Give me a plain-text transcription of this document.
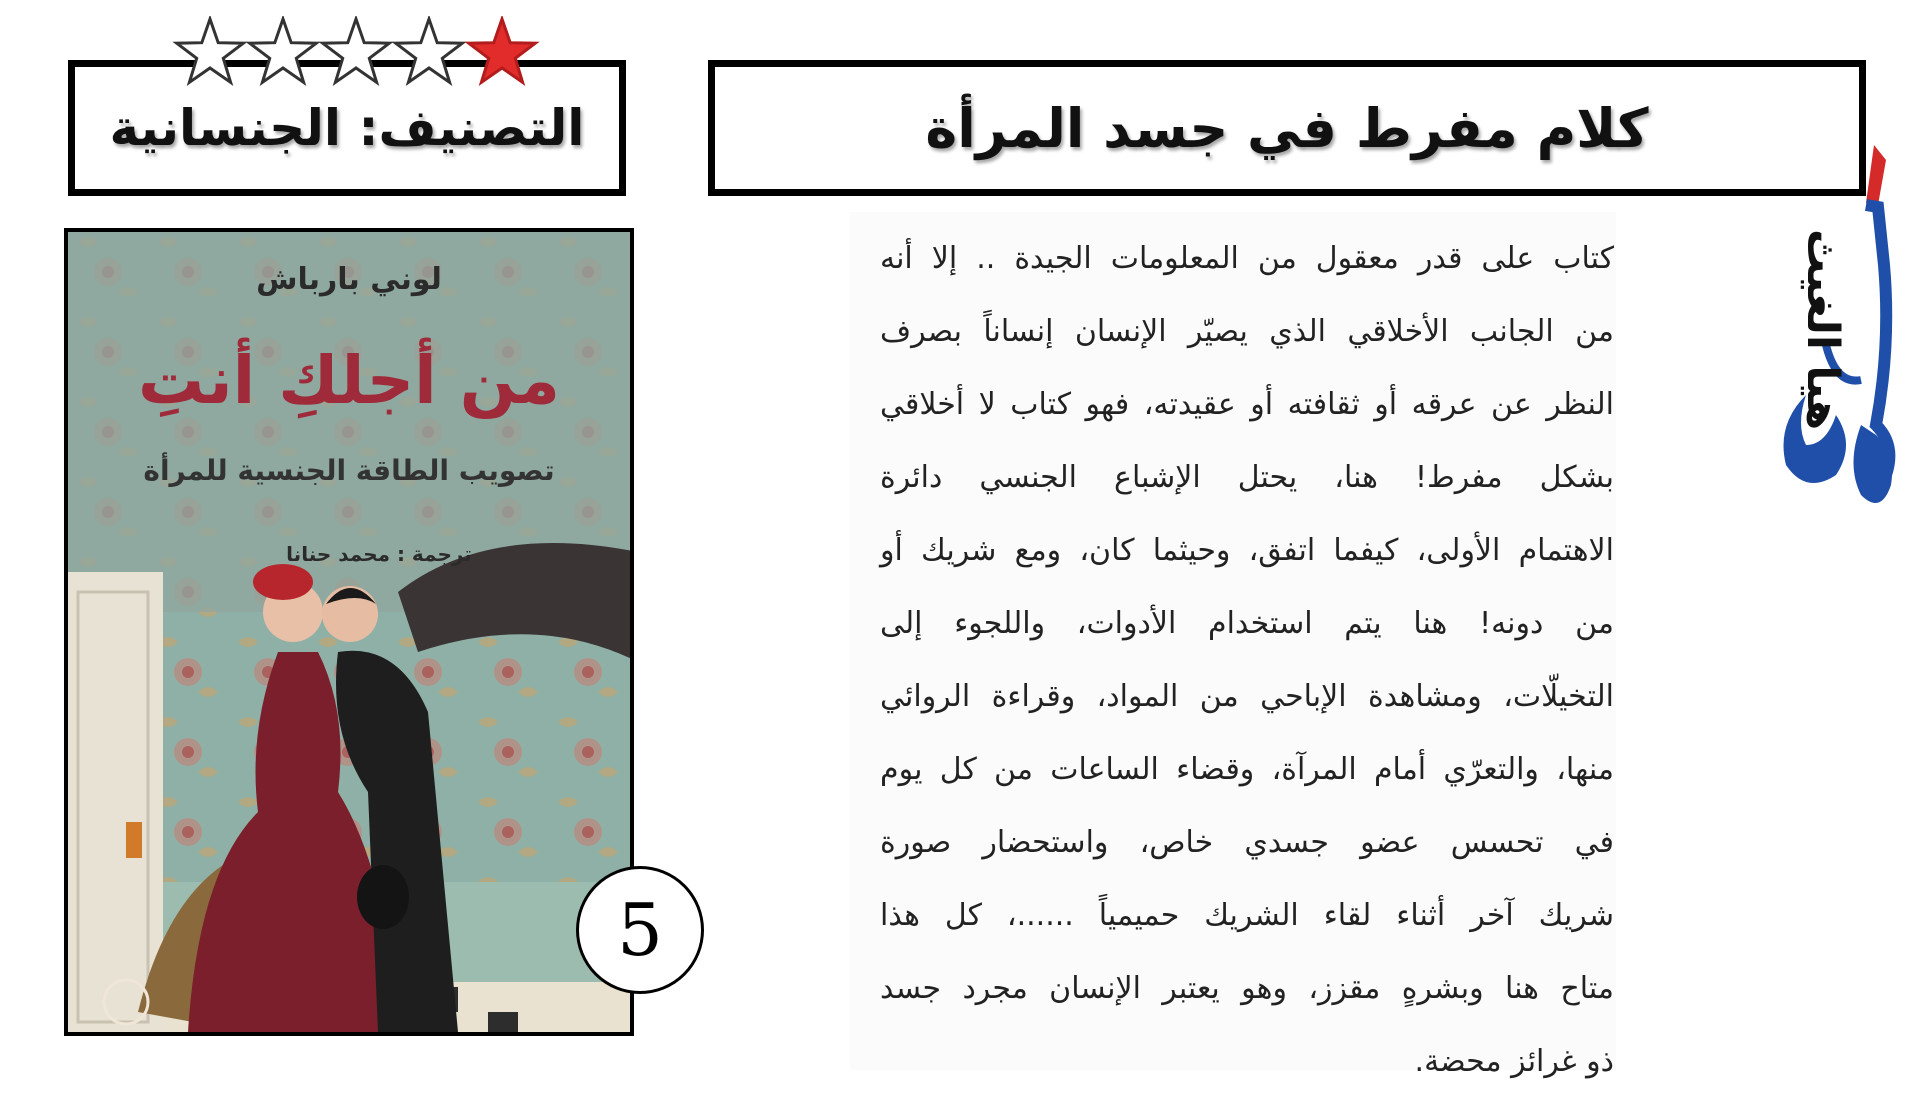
التصنيف: الجنسانية	كلام مفرط في جسد المرأة
لوني بارباش
من أجلكِ أنتِ
تصويب الطاقة الجنسية للمرأة
ترجمة : محمد حنانا
5
كتاب على قدر معقول من المعلومات الجيدة .. إلا أنه
من الجانب الأخلاقي الذي يصيّر الإنسان إنساناً بصرف
النظر عن عرقه أو ثقافته أو عقيدته، فهو كتاب لا أخلاقي
بشكل مفرط! هنا، يحتل الإشباع الجنسي دائرة
الاهتمام الأولى، كيفما اتفق، وحيثما كان، ومع شريك أو
من دونه! هنا يتم استخدام الأدوات، واللجوء إلى
التخيلّات، ومشاهدة الإباحي من المواد، وقراءة الروائي
منها، والتعرّي أمام المرآة، وقضاء الساعات من كل يوم
في تحسس عضو جسدي خاص، واستحضار صورة
شريك آخر أثناء لقاء الشريك حميمياً ......، كل هذا
متاح هنا وبشرهٍ مقزز، وهو يعتبر الإنسان مجرد جسد
ذو غرائز محضة.
هيا الغيث
